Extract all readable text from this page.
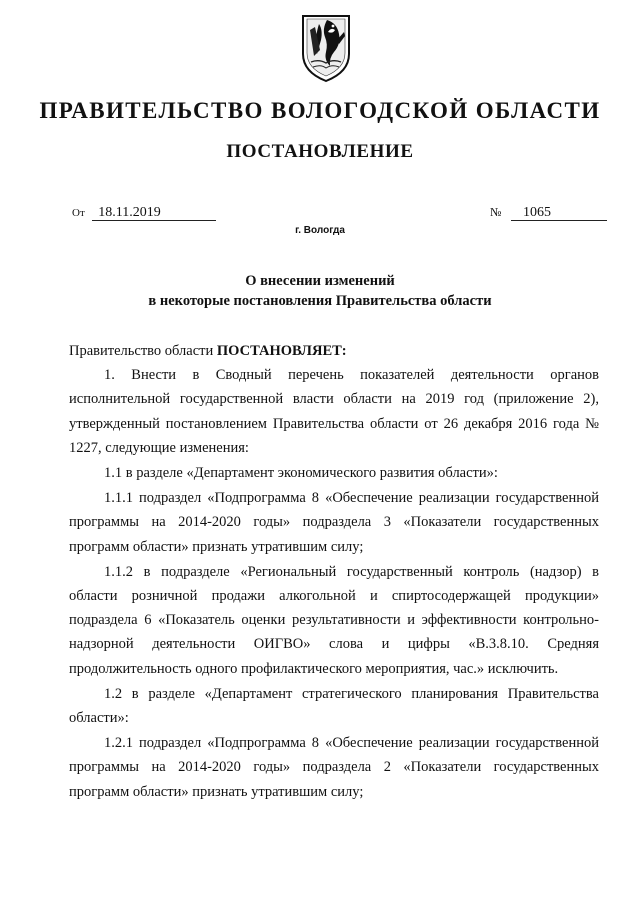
ПРАВИТЕЛЬСТВО ВОЛОГОДСКОЙ ОБЛАСТИ
ПОСТАНОВЛЕНИЕ
От 18.11.2019	№ 1065
г. Вологда
О внесении изменений
в некоторые постановления Правительства области
Правительство области ПОСТАНОВЛЯЕТ:
1. Внести в Сводный перечень показателей деятельности органов исполнительной государственной власти области на 2019 год (приложение 2), утвержденный постановлением Правительства области от 26 декабря 2016 года № 1227, следующие изменения:
1.1 в разделе «Департамент экономического развития области»:
1.1.1 подраздел «Подпрограмма 8 «Обеспечение реализации государственной программы на 2014-2020 годы» подраздела 3 «Показатели государственных программ области» признать утратившим силу;
1.1.2 в подразделе «Региональный государственный контроль (надзор) в области розничной продажи алкогольной и спиртосодержащей продукции» подраздела 6 «Показатель оценки результативности и эффективности контрольно-надзорной деятельности ОИГВО» слова и цифры «В.3.8.10. Средняя продолжительность одного профилактического мероприятия, час.» исключить.
1.2 в разделе «Департамент стратегического планирования Правительства области»:
1.2.1 подраздел «Подпрограмма 8 «Обеспечение реализации государственной программы на 2014-2020 годы» подраздела 2 «Показатели государственных программ области» признать утратившим силу;
